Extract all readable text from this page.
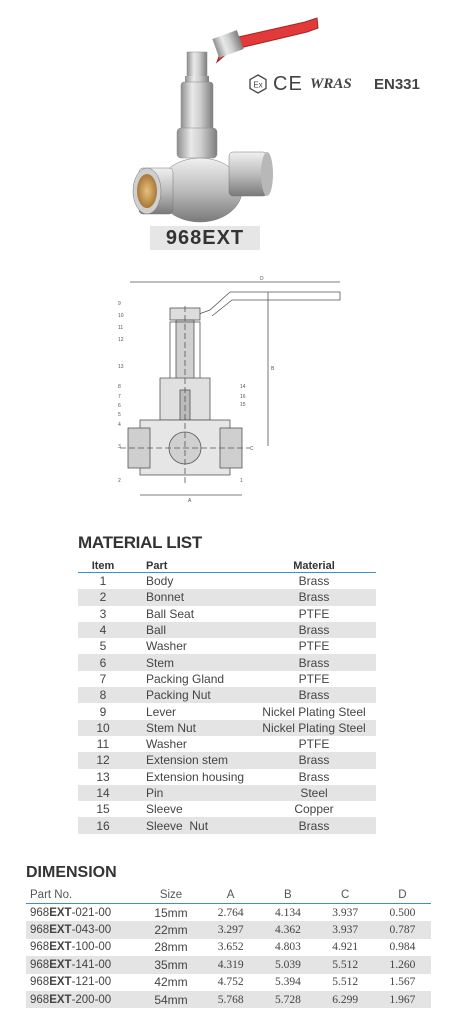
Ex CE WRAS EN331
968EXT
9
10
11
12
13
8
7
6
5
4
3
2	1
14
15
16
D
A
B
C
MATERIAL LIST
Item	Part	Material
1	Body	Brass
2	Bonnet	Brass
3	Ball Seat	PTFE
4	Ball	Brass
5	Washer	PTFE
6	Stem	Brass
7	Packing Gland	PTFE
8	Packing Nut	Brass
9	Lever	Nickel Plating Steel
10	Stem Nut	Nickel Plating Steel
11	Washer	PTFE
12	Extension stem	Brass
13	Extension housing	Brass
14	Pin	Steel
15	Sleeve	Copper
16	Sleeve  Nut	Brass
DIMENSION
Part No.	Size	A	B	C	D
968EXT-021-00	15mm	2.764	4.134	3.937	0.500
968EXT-043-00	22mm	3.297	4.362	3.937	0.787
968EXT-100-00	28mm	3.652	4.803	4.921	0.984
968EXT-141-00	35mm	4.319	5.039	5.512	1.260
968EXT-121-00	42mm	4.752	5.394	5.512	1.567
968EXT-200-00	54mm	5.768	5.728	6.299	1.967
